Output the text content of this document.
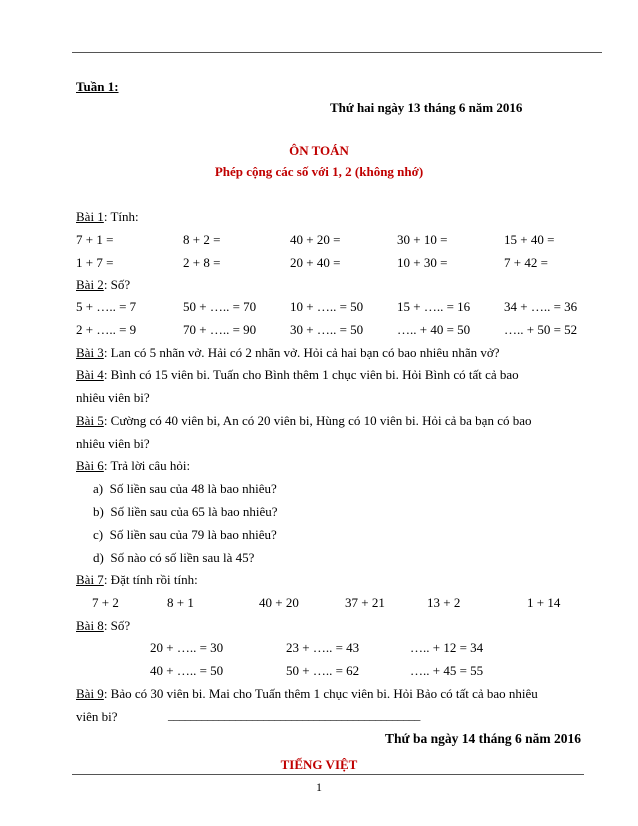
Tuần 1:
Thứ hai ngày 13 tháng 6 năm 2016
ÔN TOÁN
Phép cộng các số với 1, 2 (không nhớ)
Bài 1: Tính:
7 + 1 =	8 + 2 =	40 + 20 =	30 + 10 =	15 + 40 =
1 + 7 =	2 + 8 =	20 + 40 =	10 + 30 =	7 + 42 =
Bài 2: Số?
5 + ….. = 7	50 + ….. = 70	10 + ….. = 50	15 + ….. = 16	34 + ….. = 36
2 + ….. = 9	70 + ….. = 90	30 + ….. = 50	….. + 40 = 50	….. + 50 = 52
Bài 3: Lan có 5 nhãn vở. Hải có 2 nhãn vở. Hỏi cả hai bạn có bao nhiêu nhãn vở?
Bài 4: Bình có 15 viên bi. Tuấn cho Bình thêm 1 chục viên bi. Hỏi Bình có tất cả bao
nhiêu viên bi?
Bài 5: Cường có 40 viên bi, An có 20 viên bi, Hùng có 10 viên bi. Hỏi cả ba bạn có bao
nhiêu viên bi?
Bài 6: Trả lời câu hỏi:
a) Số liền sau của 48 là bao nhiêu?
b) Số liền sau của 65 là bao nhiêu?
c) Số liền sau của 79 là bao nhiêu?
d) Số nào có số liền sau là 45?
Bài 7: Đặt tính rồi tính:
7 + 2	8 + 1	40 + 20	37 + 21	13 + 2	1 + 14
Bài 8: Số?
20 + ….. = 30	23 + ….. = 43	….. + 12 = 34
40 + ….. = 50	50 + ….. = 62	….. + 45 = 55
Bài 9: Bảo có 30 viên bi. Mai cho Tuấn thêm 1 chục viên bi. Hỏi Bảo có tất cả bao nhiêu
viên bi?	_____________________________________________
Thứ ba ngày 14 tháng 6 năm 2016
TIẾNG VIỆT
1
